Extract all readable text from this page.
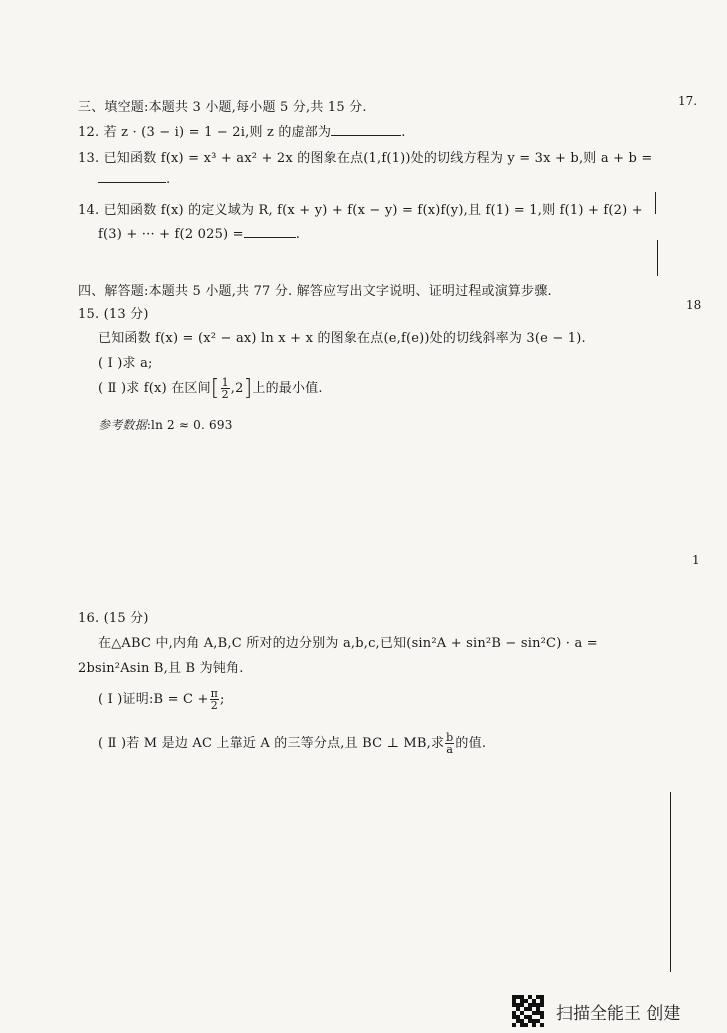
17.
18
1
三、填空题:本题共 3 小题,每小题 5 分,共 15 分.
12. 若 z · (3 − i) = 1 − 2i,则 z 的虚部为	.
13. 已知函数 f(x) = x³ + ax² + 2x 的图象在点(1,f(1))处的切线方程为 y = 3x + b,则 a + b =
.
14. 已知函数 f(x) 的定义域为 R, f(x + y) + f(x − y) = f(x)f(y),且 f(1) = 1,则 f(1) + f(2) +
f(3) + ··· + f(2 025) =	.
四、解答题:本题共 5 小题,共 77 分. 解答应写出文字说明、证明过程或演算步骤.
15. (13 分)
已知函数 f(x) = (x² − ax) ln x + x 的图象在点(e,f(e))处的切线斜率为 3(e − 1).
( Ⅰ )求 a;
( Ⅱ )求 f(x) 在区间[ $\frac{1}{2} ,2$]上的最小值.
参考数据:ln 2 ≈ 0. 693
16. (15 分)
在△ABC 中,内角 A,B,C 所对的边分别为 a,b,c,已知(sin²A + sin²B − sin²C) · a =
2bsin²Asin B,且 B 为钝角.
( Ⅰ )证明:B = $C + \frac{\pi}{2}$ ;
( Ⅱ )若 M 是边 AC 上靠近 A 的三等分点,且 BC ⊥ MB,求 $\frac{b}{a}$ 的值.
扫描全能王 创建
